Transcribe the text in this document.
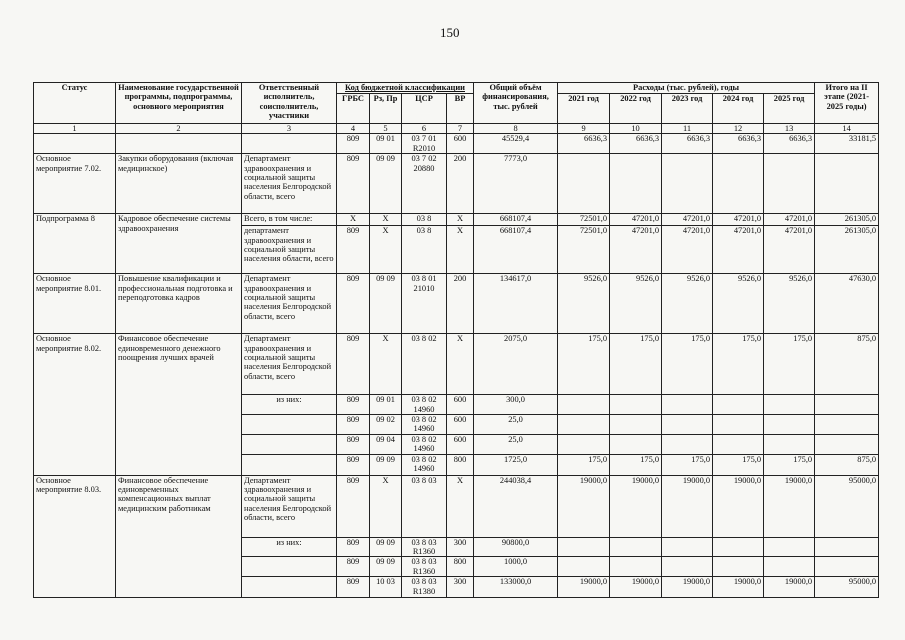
150
Статус	Наименование государственной программы, подпрограммы, основного мероприятия	Ответственный исполнитель, соисполнитель, участники	Код бюджетной классификации				Общий объём финансирования, тыс. рублей	Расходы (тыс. рублей), годы					Итого на II этапе (2021-2025 годы)
			ГРБС	Рз, Пр	ЦСР	ВР		2021 год	2022 год	2023 год	2024 год	2025 год	
1	2	3	4	5	6	7	8	9	10	11	12	13	14
			809	09 01	03 7 01 R2010	600	45529,4	6636,3	6636,3	6636,3	6636,3	6636,3	33181,5
Основное мероприятие 7.02.	Закупки оборудования (включая медицинское)	Департамент здравоохранения и социальной защиты населения Белгородской области, всего	809	09 09	03 7 02 20880	200	7773,0						
Подпрограмма 8	Кадровое обеспечение системы здравоохранения	Всего, в том числе:	Х	Х	03 8	Х	668107,4	72501,0	47201,0	47201,0	47201,0	47201,0	261305,0
		департамент здравоохранения и социальной защиты населения области, всего	809	Х	03 8	Х	668107,4	72501,0	47201,0	47201,0	47201,0	47201,0	261305,0
Основное мероприятие 8.01.	Повышение квалификации и профессиональная подготовка и переподготовка кадров	Департамент здравоохранения и социальной защиты населения Белгородской области, всего	809	09 09	03 8 01 21010	200	134617,0	9526,0	9526,0	9526,0	9526,0	9526,0	47630,0
Основное мероприятие 8.02.	Финансовое обеспечение единовременного денежного поощрения лучших врачей	Департамент здравоохранения и социальной защиты населения Белгородской области, всего	809	Х	03 8 02	Х	2075,0	175,0	175,0	175,0	175,0	175,0	875,0
		из них:	809	09 01	03 8 02 14960	600	300,0						
			809	09 02	03 8 02 14960	600	25,0						
			809	09 04	03 8 02 14960	600	25,0						
			809	09 09	03 8 02 14960	800	1725,0	175,0	175,0	175,0	175,0	175,0	875,0
Основное мероприятие 8.03.	Финансовое обеспечение единовременных компенсационных выплат медицинским работникам	Департамент здравоохранения и социальной защиты населения Белгородской области, всего	809	Х	03 8 03	Х	244038,4	19000,0	19000,0	19000,0	19000,0	19000,0	95000,0
		из них:	809	09 09	03 8 03 R1360	300	90800,0						
			809	09 09	03 8 03 R1360	800	1000,0						
			809	10 03	03 8 03 R1380	300	133000,0	19000,0	19000,0	19000,0	19000,0	19000,0	95000,0
